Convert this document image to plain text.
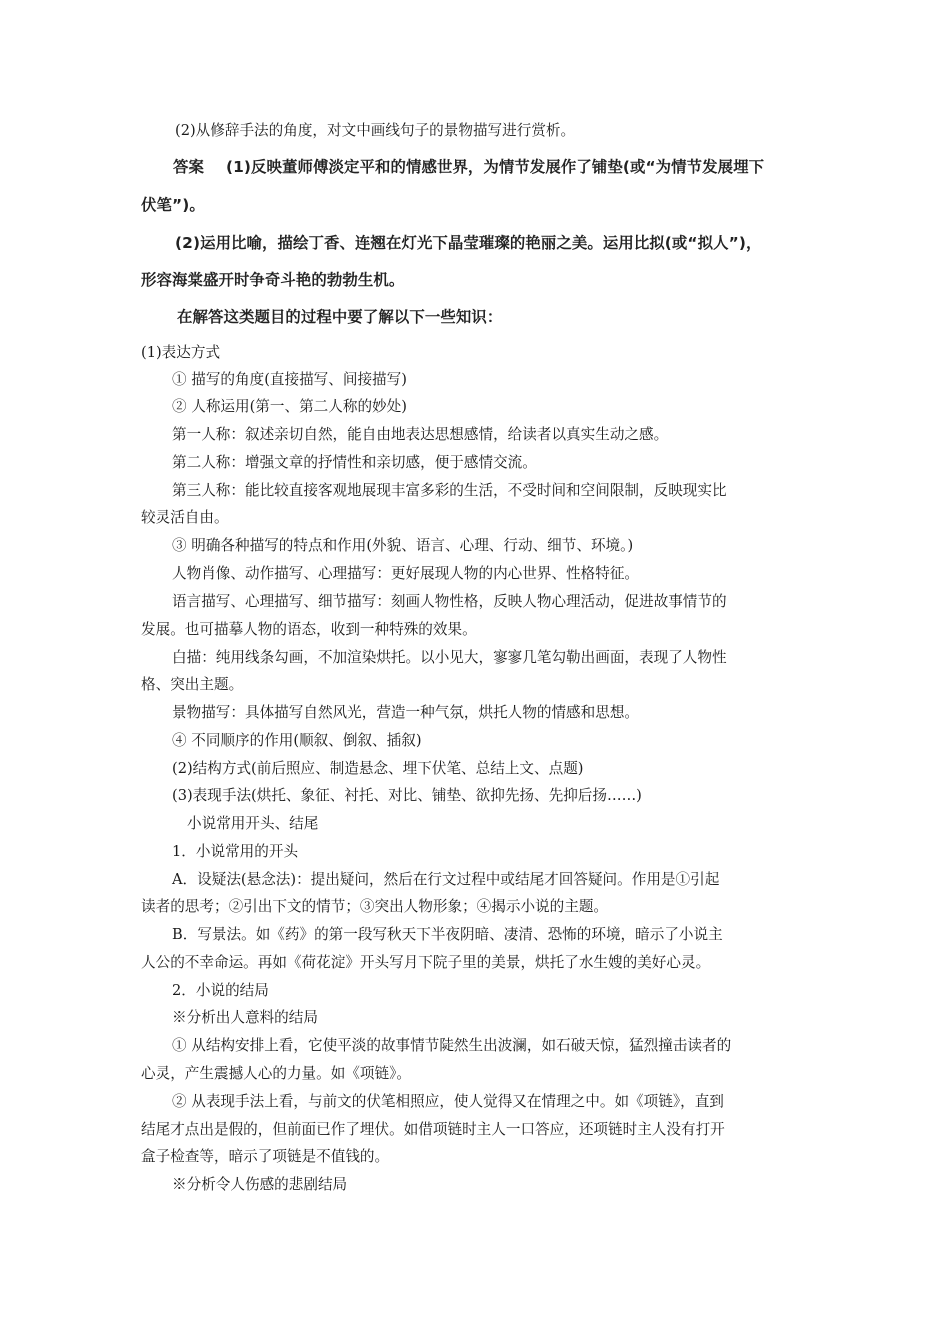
(2)从修辞手法的角度，对文中画线句子的景物描写进行赏析。

答案 (1)反映董师傅淡定平和的情感世界，为情节发展作了铺垫(或“为情节发展埋下

伏笔”)。

(2)运用比喻，描绘丁香、连翘在灯光下晶莹璀璨的艳丽之美。运用比拟(或“拟人”)，

形容海棠盛开时争奇斗艳的勃勃生机。

在解答这类题目的过程中要了解以下一些知识：

(1)表达方式

① 描写的角度(直接描写、间接描写)

② 人称运用(第一、第二人称的妙处)

第一人称：叙述亲切自然，能自由地表达思想感情，给读者以真实生动之感。

第二人称：增强文章的抒情性和亲切感，便于感情交流。

第三人称：能比较直接客观地展现丰富多彩的生活，不受时间和空间限制，反映现实比

较灵活自由。

③ 明确各种描写的特点和作用(外貌、语言、心理、行动、细节、环境。)

人物肖像、动作描写、心理描写：更好展现人物的内心世界、性格特征。

语言描写、心理描写、细节描写：刻画人物性格，反映人物心理活动，促进故事情节的

发展。也可描摹人物的语态，收到一种特殊的效果。

白描：纯用线条勾画，不加渲染烘托。以小见大，寥寥几笔勾勒出画面，表现了人物性

格、突出主题。

景物描写：具体描写自然风光，营造一种气氛，烘托人物的情感和思想。

④ 不同顺序的作用(顺叙、倒叙、插叙)

(2)结构方式(前后照应、制造悬念、埋下伏笔、总结上文、点题)

(3)表现手法(烘托、象征、衬托、对比、铺垫、欲抑先扬、先抑后扬……)

小说常用开头、结尾

1．小说常用的开头

A．设疑法(悬念法)：提出疑问，然后在行文过程中或结尾才回答疑问。作用是①引起

读者的思考；②引出下文的情节；③突出人物形象；④揭示小说的主题。

B．写景法。如《药》的第一段写秋天下半夜阴暗、凄清、恐怖的环境，暗示了小说主

人公的不幸命运。再如《荷花淀》开头写月下院子里的美景，烘托了水生嫂的美好心灵。

2．小说的结局

※分析出人意料的结局

① 从结构安排上看，它使平淡的故事情节陡然生出波澜，如石破天惊，猛烈撞击读者的

心灵，产生震撼人心的力量。如《项链》。

② 从表现手法上看，与前文的伏笔相照应，使人觉得又在情理之中。如《项链》，直到

结尾才点出是假的，但前面已作了埋伏。如借项链时主人一口答应，还项链时主人没有打开

盒子检查等，暗示了项链是不值钱的。

※分析令人伤感的悲剧结局
